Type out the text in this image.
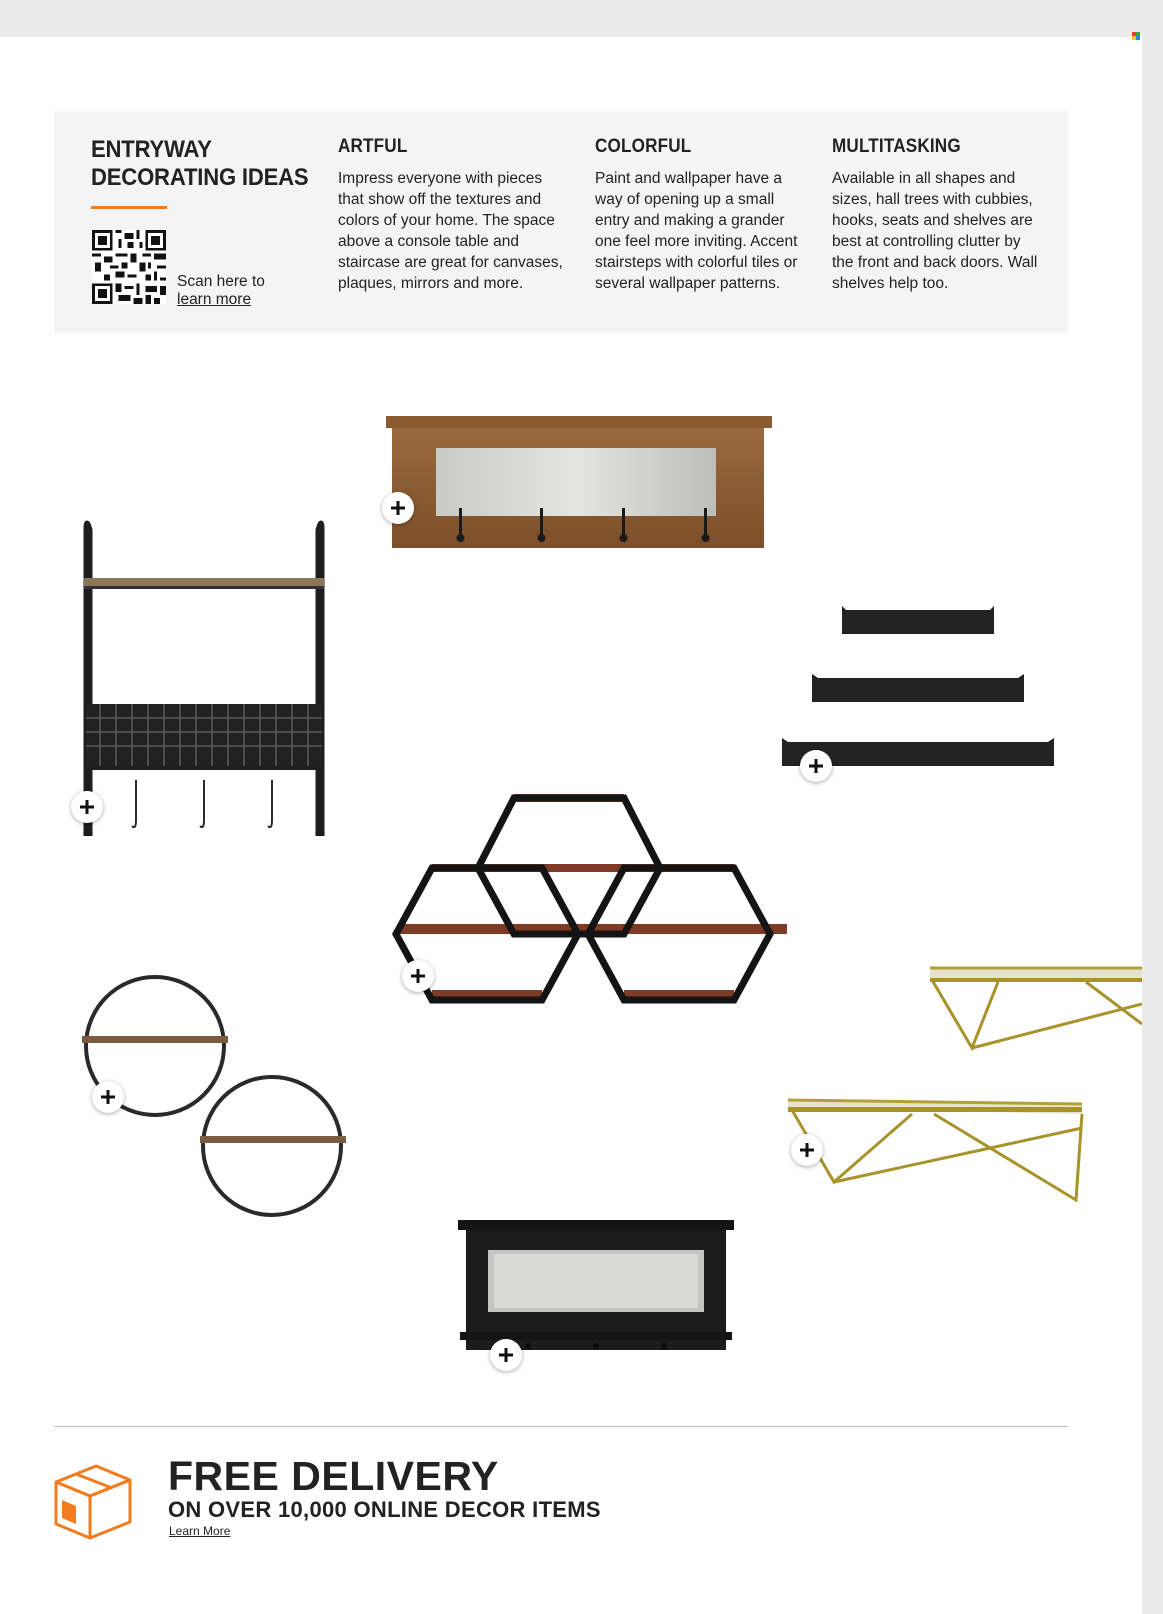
ENTRYWAY
DECORATING IDEAS
Scan here to
learn more
ARTFUL

Impress everyone with pieces that show off the textures and colors of your home. The space above a console table and staircase are great for canvases, plaques, mirrors and more.

COLORFUL

Paint and wallpaper have a way of opening up a small entry and making a grander one feel more inviting. Accent stairsteps with colorful tiles or several wallpaper patterns.

MULTITASKING

Available in all shapes and sizes, hall trees with cubbies, hooks, seats and shelves are best at controlling clutter by the front and back doors. Wall shelves help too.

FREE DELIVERY
ON OVER 10,000 ONLINE DECOR ITEMS
Learn More
